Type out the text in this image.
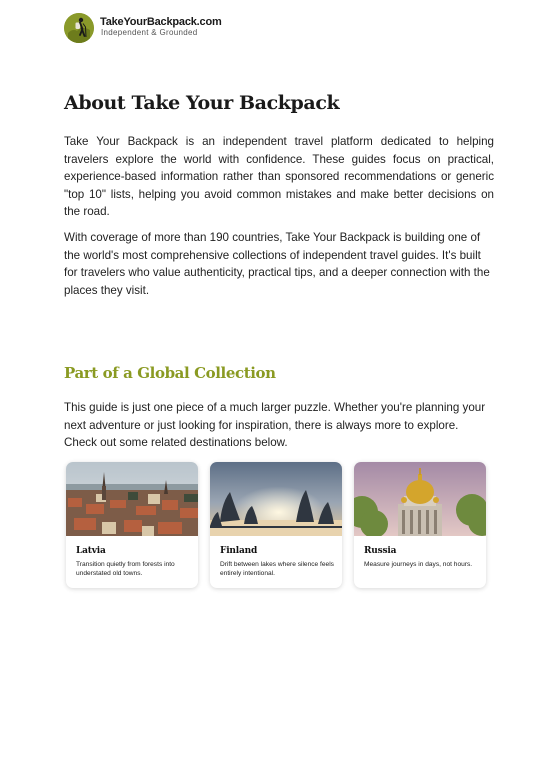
TakeYourBackpack.com
Independent & Grounded
About Take Your Backpack

Take Your Backpack is an independent travel platform dedicated to helping travelers explore the world with confidence. These guides focus on practical, experience-based information rather than sponsored recommendations or generic "top 10" lists, helping you avoid common mistakes and make better decisions on the road.

With coverage of more than 190 countries, Take Your Backpack is building one of the world's most comprehensive collections of independent travel guides. It's built for travelers who value authenticity, practical tips, and a deeper connection with the places they visit.

Part of a Global Collection

This guide is just one piece of a much larger puzzle. Whether you're planning your next adventure or just looking for inspiration, there is always more to explore. Check out some related destinations below.

Latvia

Transition quietly from forests into understated old towns.

Finland

Drift between lakes where silence feels entirely intentional.

Russia

Measure journeys in days, not hours.
